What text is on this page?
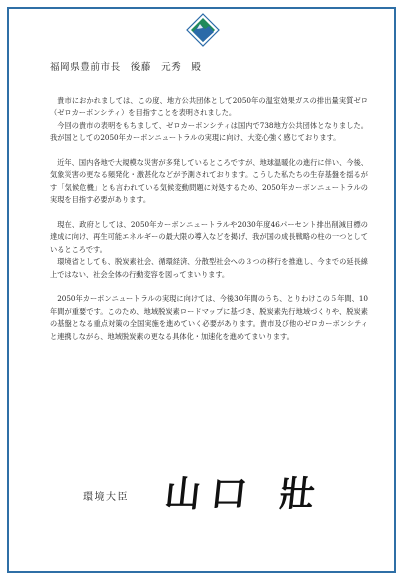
福岡県豊前市長　後藤　元秀　殿

貴市におかれましては、この度、地方公共団体として2050年の温室効果ガスの排出量実質ゼロ（ゼロカーボンシティ）を目指すことを表明されました。

今回の貴市の表明をもちまして、ゼロカーボンシティは国内で738地方公共団体となりました。我が国としての2050年カーボンニュートラルの実現に向け、大変心強く感じております。

近年、国内各地で大規模な災害が多発しているところですが、地球温暖化の進行に伴い、今後、気象災害の更なる頻発化・激甚化などが予測されております。こうした私たちの生存基盤を揺るがす「気候危機」とも言われている気候変動問題に対処するため、2050年カーボンニュートラルの実現を目指す必要があります。

現在、政府としては、2050年カーボンニュートラルや2030年度46パーセント排出削減目標の達成に向け、再生可能エネルギーの最大限の導入などを掲げ、我が国の成長戦略の柱の一つとしているところです。

環境省としても、脱炭素社会、循環経済、分散型社会への３つの移行を推進し、今までの延長線上ではない、社会全体の行動変容を図ってまいります。

2050年カーボンニュートラルの実現に向けては、今後30年間のうち、とりわけこの５年間、10年間が重要です。このため、地域脱炭素ロードマップに基づき、脱炭素先行地域づくりや、脱炭素の基盤となる重点対策の全国実施を進めていく必要があります。貴市及び他のゼロカーボンシティと連携しながら、地域脱炭素の更なる具体化・加速化を進めてまいります。

環境大臣 山口 壯
